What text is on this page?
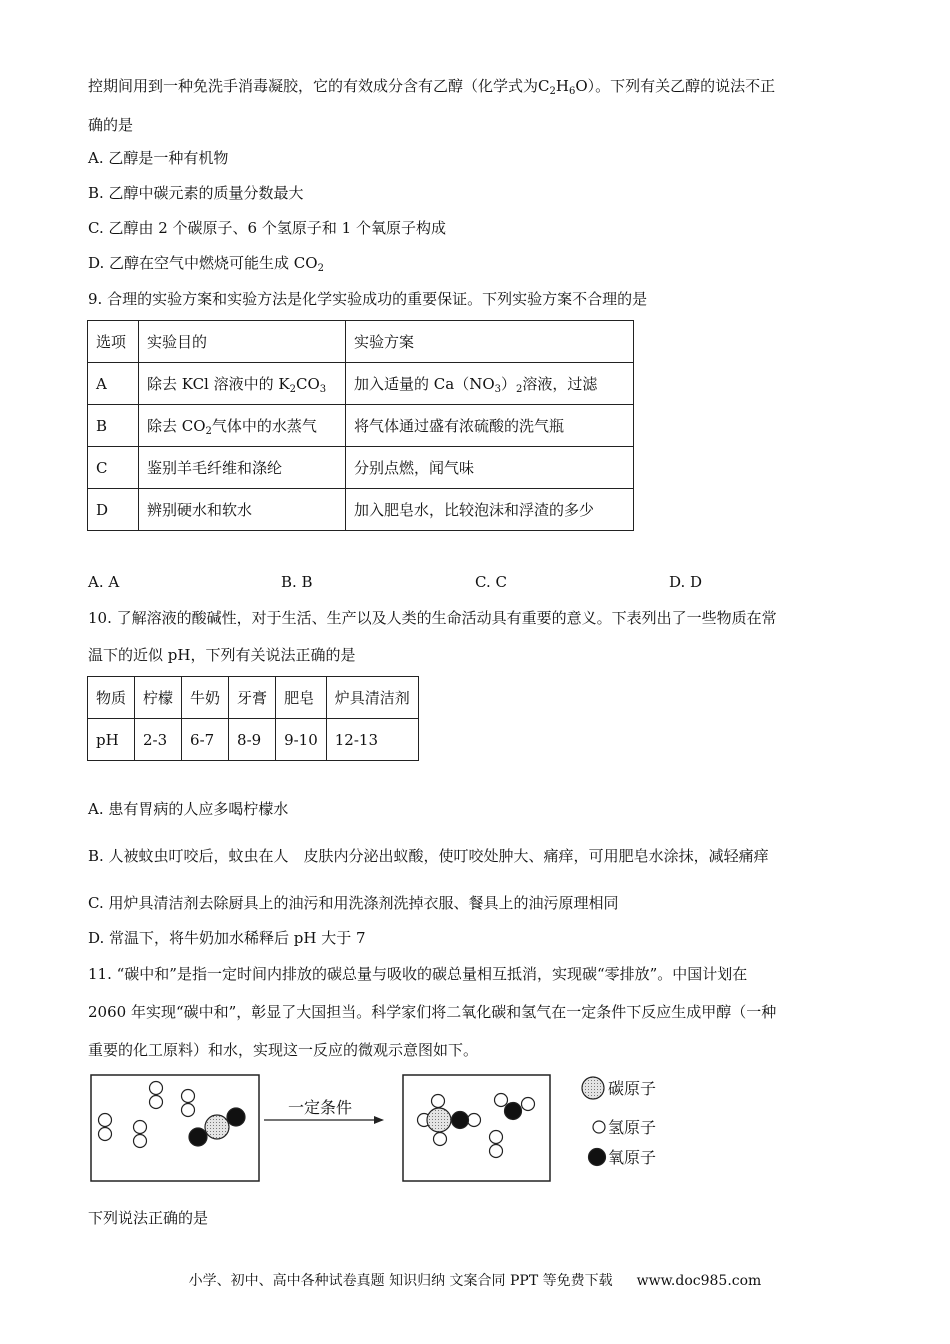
控期间用到一种免洗手消毒凝胶，它的有效成分含有乙醇（化学式为$C_2H_6O$）。下列有关乙醇的说法不正
确的是
A. 乙醇是一种有机物
B. 乙醇中碳元素的质量分数最大
C. 乙醇由 2 个碳原子、6 个氢原子和 1 个氧原子构成
D. 乙醇在空气中燃烧可能生成 $CO_2$
9. 合理的实验方案和实验方法是化学实验成功的重要保证。下列实验方案不合理的是
选项	实验目的	实验方案
A	除去 KCl 溶液中的 $K_2CO_3$	加入适量的 $Ca(NO_3)_2$溶液，过滤
B	除去 $CO_2$气体中的水蒸气	将气体通过盛有浓硫酸的洗气瓶
C	鉴别羊毛纤维和涤纶	分别点燃，闻气味
D	辨别硬水和软水	加入肥皂水，比较泡沫和浮渣的多少
A. A	B. B	C. C	D. D
10. 了解溶液的酸碱性，对于生活、生产以及人类的生命活动具有重要的意义。下表列出了一些物质在常
温下的近似 pH，下列有关说法正确的是
物质	柠檬	牛奶	牙膏	肥皂	炉具清洁剂
pH	2-3	6-7	8-9	9-10	12-13
A. 患有胃病的人应多喝柠檬水
B. 人被蚊虫叮咬后，蚊虫在人　皮肤内分泌出蚁酸，使叮咬处肿大、痛痒，可用肥皂水涂抹，减轻痛痒
C. 用炉具清洁剂去除厨具上的油污和用洗涤剂洗掉衣服、餐具上的油污原理相同
D. 常温下，将牛奶加水稀释后 pH 大于 7
11. “碳中和”是指一定时间内排放的碳总量与吸收的碳总量相互抵消，实现碳“零排放”。中国计划在
2060 年实现“碳中和”，彰显了大国担当。科学家们将二氧化碳和氢气在一定条件下反应生成甲醇（一种
重要的化工原料）和水，实现这一反应的微观示意图如下。
一定条件
碳原子
氢原子
氧原子
下列说法正确的是
小学、初中、高中各种试卷真题 知识归纳 文案合同 PPT 等免费下载 www.doc985.com
